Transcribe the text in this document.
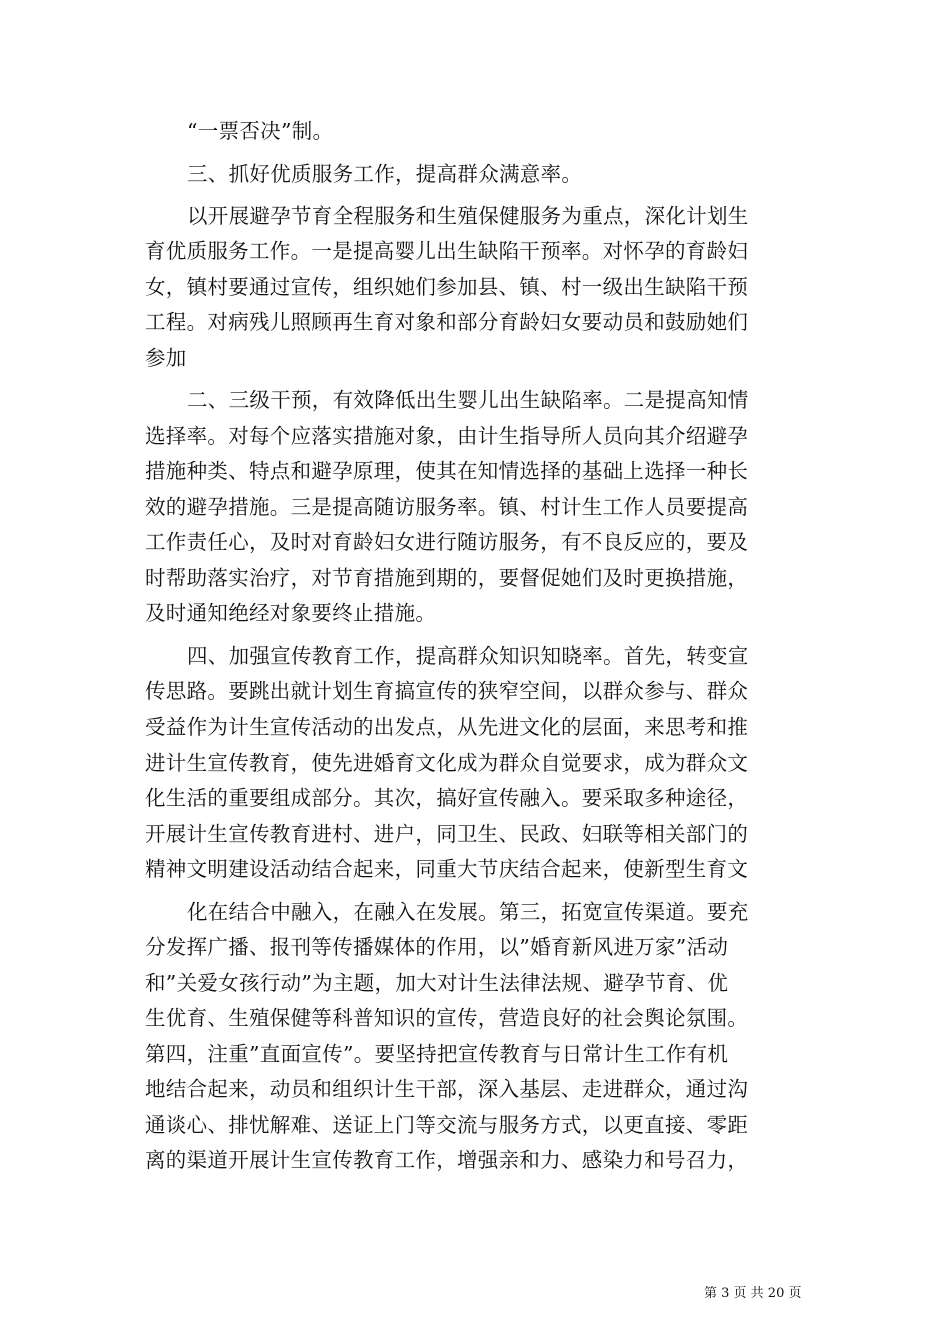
“一票否决”制。
三、抓好优质服务工作，提高群众满意率。
以开展避孕节育全程服务和生殖保健服务为重点，深化计划生
育优质服务工作。一是提高婴儿出生缺陷干预率。对怀孕的育龄妇
女，镇村要通过宣传，组织她们参加县、镇、村一级出生缺陷干预
工程。对病残儿照顾再生育对象和部分育龄妇女要动员和鼓励她们
参加
二、三级干预，有效降低出生婴儿出生缺陷率。二是提高知情
选择率。对每个应落实措施对象，由计生指导所人员向其介绍避孕
措施种类、特点和避孕原理，使其在知情选择的基础上选择一种长
效的避孕措施。三是提高随访服务率。镇、村计生工作人员要提高
工作责任心，及时对育龄妇女进行随访服务，有不良反应的，要及
时帮助落实治疗，对节育措施到期的，要督促她们及时更换措施，
及时通知绝经对象要终止措施。
四、加强宣传教育工作，提高群众知识知晓率。首先，转变宣
传思路。要跳出就计划生育搞宣传的狭窄空间，以群众参与、群众
受益作为计生宣传活动的出发点，从先进文化的层面，来思考和推
进计生宣传教育，使先进婚育文化成为群众自觉要求，成为群众文
化生活的重要组成部分。其次，搞好宣传融入。要采取多种途径，
开展计生宣传教育进村、进户，同卫生、民政、妇联等相关部门的
精神文明建设活动结合起来，同重大节庆结合起来，使新型生育文
化在结合中融入，在融入在发展。第三，拓宽宣传渠道。要充
分发挥广播、报刊等传播媒体的作用，以”婚育新风进万家”活动
和”关爱女孩行动”为主题，加大对计生法律法规、避孕节育、优
生优育、生殖保健等科普知识的宣传，营造良好的社会舆论氛围。
第四，注重”直面宣传”。要坚持把宣传教育与日常计生工作有机
地结合起来，动员和组织计生干部，深入基层、走进群众，通过沟
通谈心、排忧解难、送证上门等交流与服务方式，以更直接、零距
离的渠道开展计生宣传教育工作，增强亲和力、感染力和号召力，
第 3 页 共 20 页
